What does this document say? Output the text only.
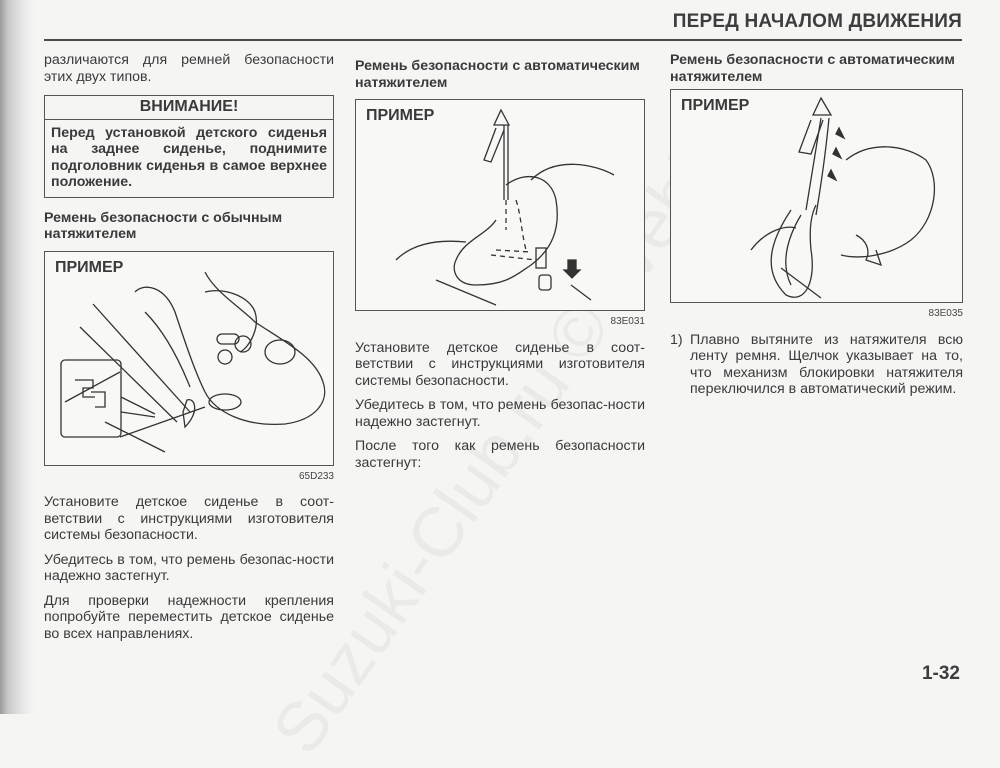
ПЕРЕД НАЧАЛОМ ДВИЖЕНИЯ

различаются для ремней безопасности этих двух типов.

ВНИМАНИЕ!
Перед установкой детского сиденья на заднее сиденье, поднимите подголовник сиденья в самое верхнее положение.
Ремень безопасности с обычным натяжителем
ПРИМЕР
65D233

Установите детское сиденье в соот-ветствии с инструкциями изготовителя системы безопасности.

Убедитесь в том, что ремень безопас-ности надежно застегнут.

Для проверки надежности крепления попробуйте переместить детское сиденье во всех направлениях.

Ремень безопасности с автоматическим натяжителем
ПРИМЕР
83E031

Установите детское сиденье в соот-ветствии с инструкциями изготовителя системы безопасности.

Убедитесь в том, что ремень безопас-ности надежно застегнут.

После того как ремень безопасности застегнут:

Ремень безопасности с автоматическим натяжителем
ПРИМЕР
83E035
1) Плавно вытяните из натяжителя всю ленту ремня. Щелчок указывает на то, что механизм блокировки натяжителя переключился в автоматический режим.

1-32
